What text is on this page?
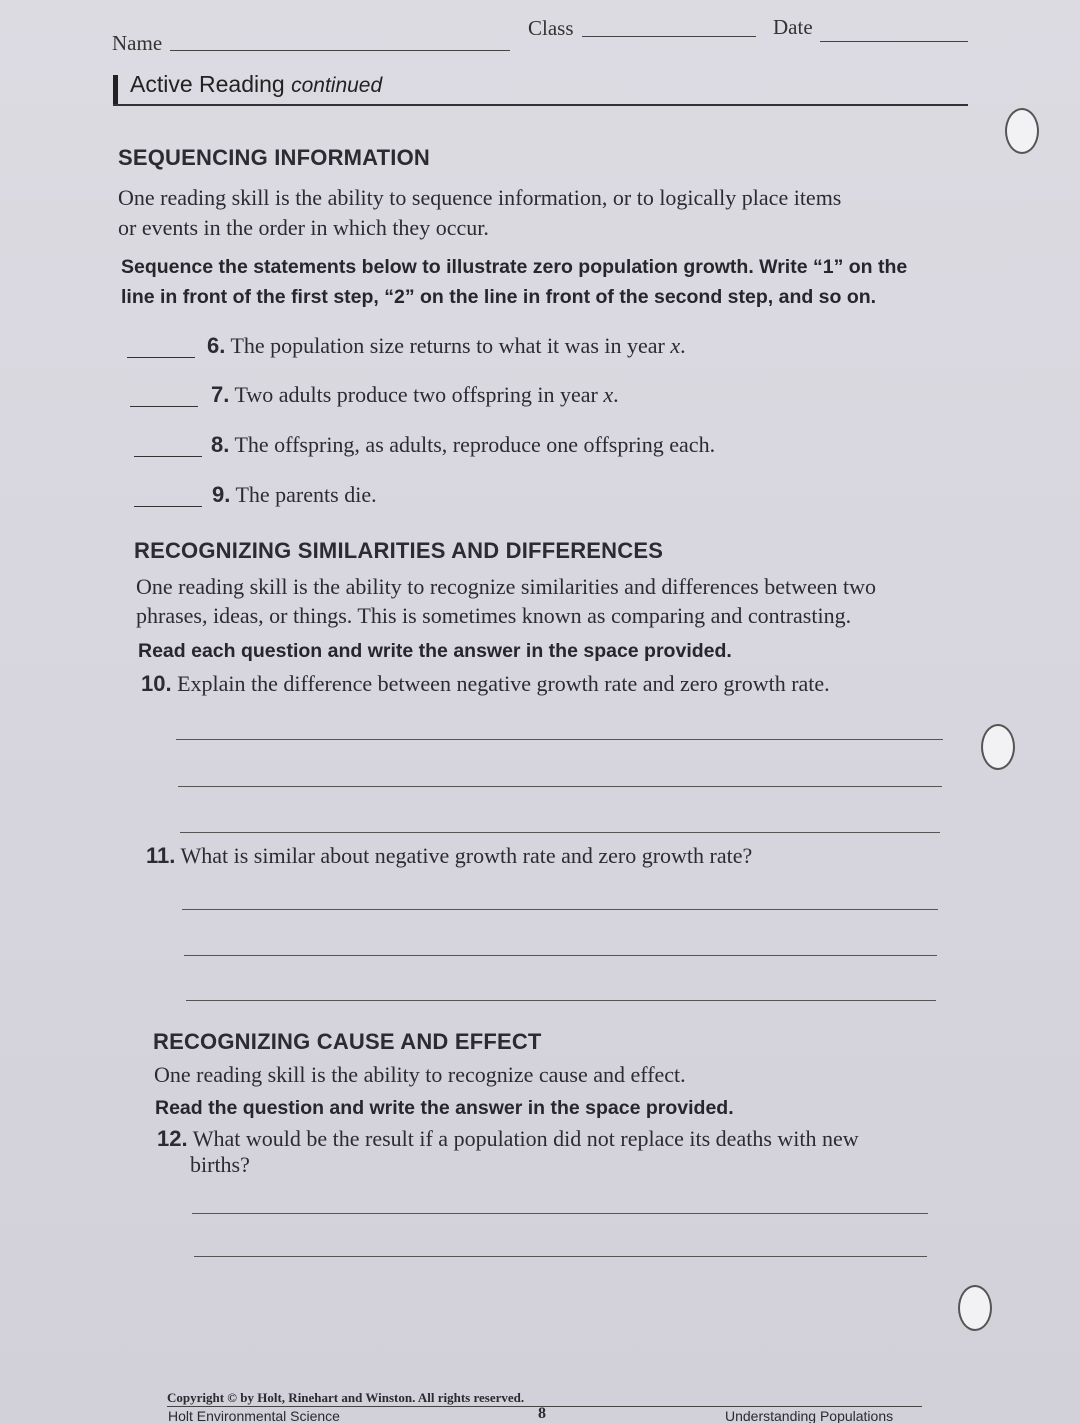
Name
Class	Date
Active Reading continued
SEQUENCING INFORMATION
One reading skill is the ability to sequence information, or to logically place items
or events in the order in which they occur.
Sequence the statements below to illustrate zero population growth. Write “1” on the
line in front of the first step, “2” on the line in front of the second step, and so on.
6. The population size returns to what it was in year x.
7. Two adults produce two offspring in year x.
8. The offspring, as adults, reproduce one offspring each.
9. The parents die.
RECOGNIZING SIMILARITIES AND DIFFERENCES
One reading skill is the ability to recognize similarities and differences between two
phrases, ideas, or things. This is sometimes known as comparing and contrasting.
Read each question and write the answer in the space provided.
10. Explain the difference between negative growth rate and zero growth rate.
11. What is similar about negative growth rate and zero growth rate?
RECOGNIZING CAUSE AND EFFECT
One reading skill is the ability to recognize cause and effect.
Read the question and write the answer in the space provided.
12. What would be the result if a population did not replace its deaths with new
births?
Copyright © by Holt, Rinehart and Winston. All rights reserved.
Holt Environmental Science	8	Understanding Populations
